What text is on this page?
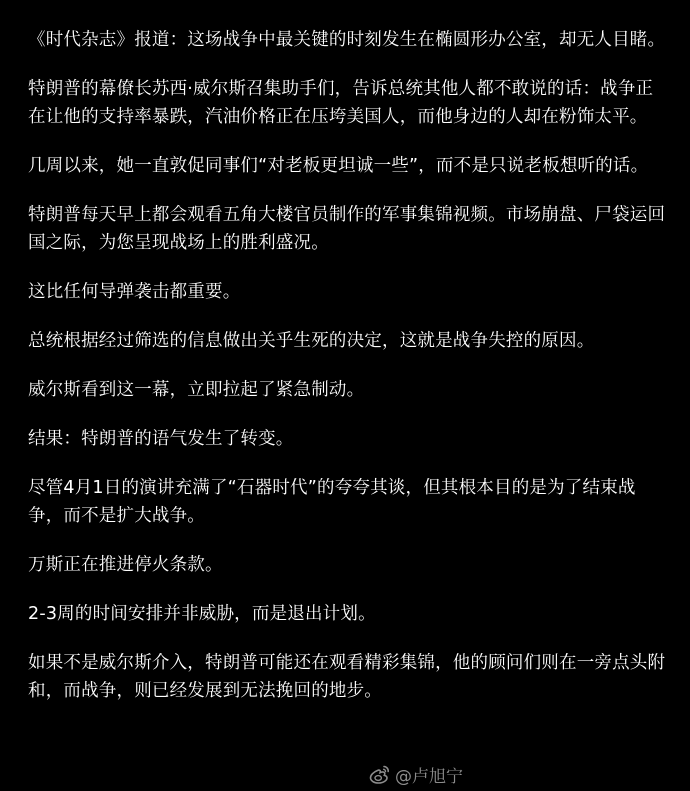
《时代杂志》报道：这场战争中最关键的时刻发生在椭圆形办公室，却无人目睹。

特朗普的幕僚长苏西·威尔斯召集助手们，告诉总统其他人都不敢说的话：战争正在让他的支持率暴跌，汽油价格正在压垮美国人，而他身边的人却在粉饰太平。

几周以来，她一直敦促同事们“对老板更坦诚一些”，而不是只说老板想听的话。

特朗普每天早上都会观看五角大楼官员制作的军事集锦视频。市场崩盘、尸袋运回国之际，为您呈现战场上的胜利盛况。

这比任何导弹袭击都重要。

总统根据经过筛选的信息做出关乎生死的决定，这就是战争失控的原因。

威尔斯看到这一幕，立即拉起了紧急制动。

结果：特朗普的语气发生了转变。

尽管4月1日的演讲充满了“石器时代”的夸夸其谈，但其根本目的是为了结束战争，而不是扩大战争。

万斯正在推进停火条款。

2-3周的时间安排并非威胁，而是退出计划。

如果不是威尔斯介入，特朗普可能还在观看精彩集锦，他的顾问们则在一旁点头附和，而战争，则已经发展到无法挽回的地步。

@卢旭宁
